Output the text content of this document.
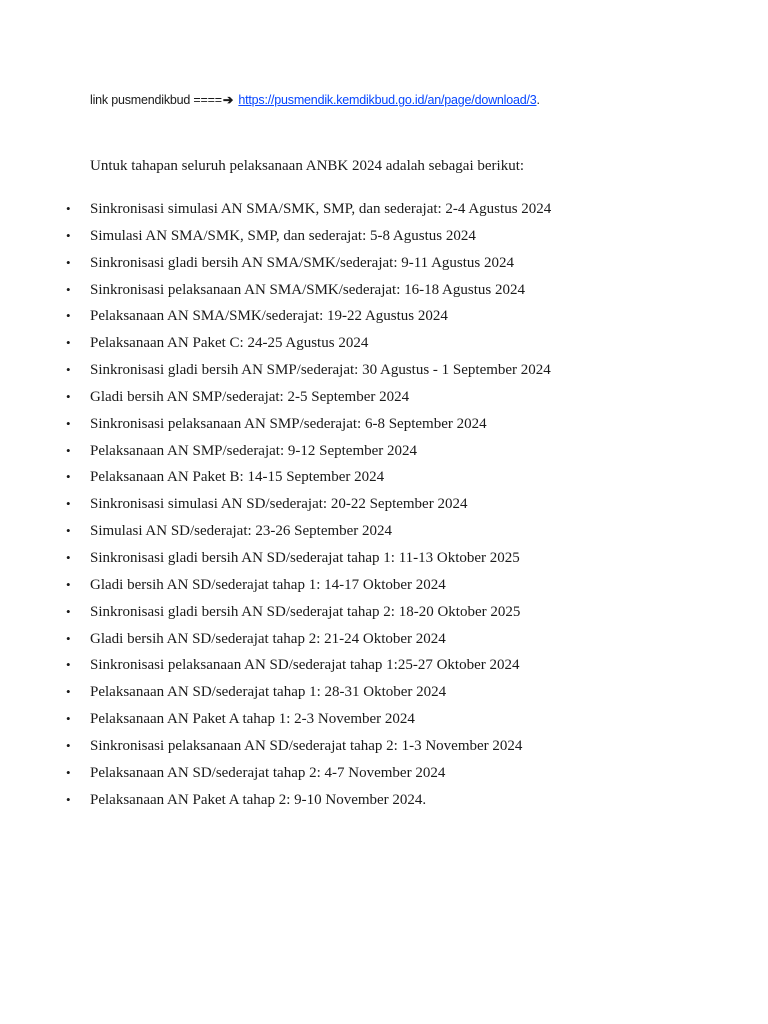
link pusmendikbud ====➔ https://pusmendik.kemdikbud.go.id/an/page/download/3.
Untuk tahapan seluruh pelaksanaan ANBK 2024 adalah sebagai berikut:
• Sinkronisasi simulasi AN SMA/SMK, SMP, dan sederajat: 2-4 Agustus 2024
• Simulasi AN SMA/SMK, SMP, dan sederajat: 5-8 Agustus 2024
• Sinkronisasi gladi bersih AN SMA/SMK/sederajat: 9-11 Agustus 2024
• Sinkronisasi pelaksanaan AN SMA/SMK/sederajat: 16-18 Agustus 2024
• Pelaksanaan AN SMA/SMK/sederajat: 19-22 Agustus 2024
• Pelaksanaan AN Paket C: 24-25 Agustus 2024
• Sinkronisasi gladi bersih AN SMP/sederajat: 30 Agustus - 1 September 2024
• Gladi bersih AN SMP/sederajat: 2-5 September 2024
• Sinkronisasi pelaksanaan AN SMP/sederajat: 6-8 September 2024
• Pelaksanaan AN SMP/sederajat: 9-12 September 2024
• Pelaksanaan AN Paket B: 14-15 September 2024
• Sinkronisasi simulasi AN SD/sederajat: 20-22 September 2024
• Simulasi AN SD/sederajat: 23-26 September 2024
• Sinkronisasi gladi bersih AN SD/sederajat tahap 1: 11-13 Oktober 2025
• Gladi bersih AN SD/sederajat tahap 1: 14-17 Oktober 2024
• Sinkronisasi gladi bersih AN SD/sederajat tahap 2: 18-20 Oktober 2025
• Gladi bersih AN SD/sederajat tahap 2: 21-24 Oktober 2024
• Sinkronisasi pelaksanaan AN SD/sederajat tahap 1:25-27 Oktober 2024
• Pelaksanaan AN SD/sederajat tahap 1: 28-31 Oktober 2024
• Pelaksanaan AN Paket A tahap 1: 2-3 November 2024
• Sinkronisasi pelaksanaan AN SD/sederajat tahap 2: 1-3 November 2024
• Pelaksanaan AN SD/sederajat tahap 2: 4-7 November 2024
• Pelaksanaan AN Paket A tahap 2: 9-10 November 2024.
